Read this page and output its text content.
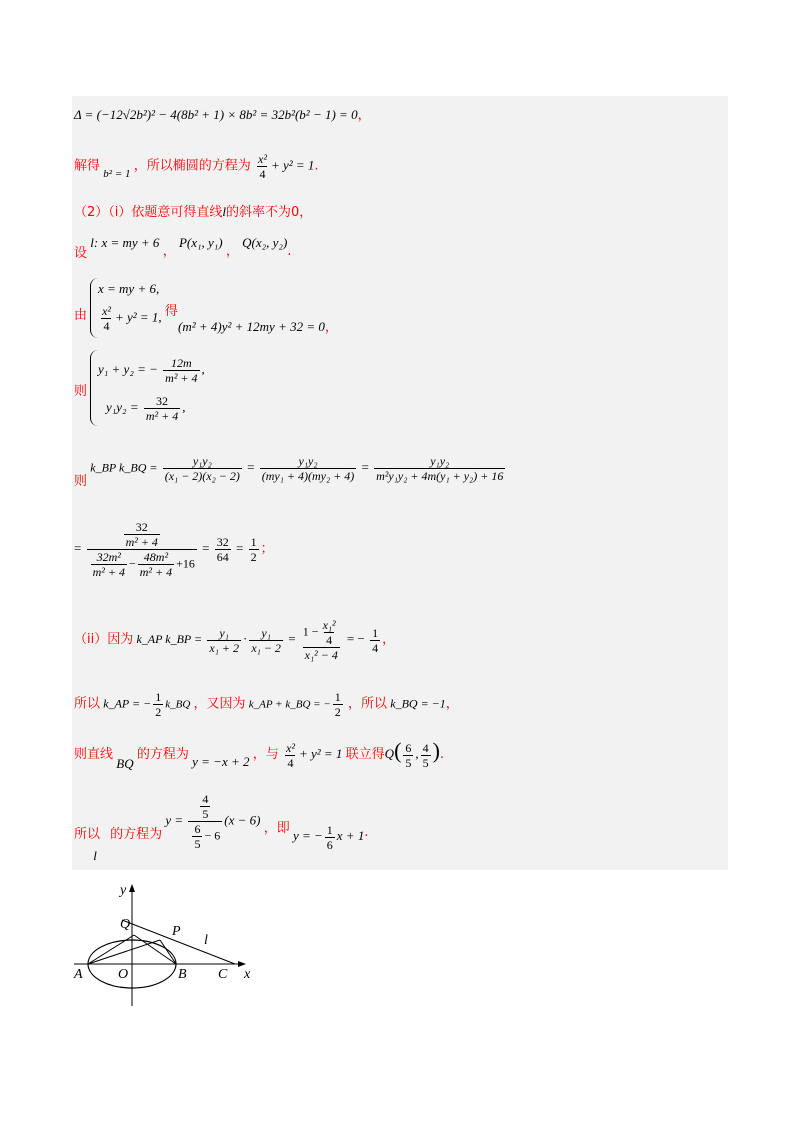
Δ = (−12√2b²)² − 4(8b² + 1) × 8b² = 32b²(b² − 1) = 0，
解得 $_{b^2 = 1}$ ，所以椭圆的方程为 $\frac{\text{x²}}{4} + y^2 = 1$.
（2）（i）依题意可得直线l的斜率不为0，
设 l: x = my + 6 ， P(x₁, y₁) ， Q(x₂, y₂).
由
x = my + 6,
$\frac{\text{x²}}{4} + y^2 = 1$, 得
(m² + 4)y² + 12my + 32 = 0，
则
y₁ + y₂ = − $\frac{12m}{\text{m² + 4}}$ ,
$y_1y_2 = \frac{32}{\text{m² + 4}}$ ,
则 k_BP k_BQ = $\frac{\text{y₁y₂}}{\text{(x₁ − 2)(x₂ − 2)}} = \frac{\text{y₁y₂}}{\text{(my₁ + 4)(my₂ + 4)}} = \frac{\text{y₁y₂}}{\text{m²y₁y₂ + 4m(y₁ + y₂) + 16}}$
= $\frac{\frac{32}{\text{m² + 4}}}{\frac{\text{32m²}}{\text{m² + 4}} - \frac{\text{48m²}}{\text{m² + 4}} +16} = \frac{32}{64} = \frac{1}{2}$ ；
（ii）因为 k_AP k_BP = $\frac{\text{y₁}}{\text{x₁ + 2}} \cdot \frac{\text{y₁}}{\text{x₁ − 2}} = \frac{1 - \frac{\text{x₁²}}{4}}{\text{x₁² − 4}}$ = − $\frac{1}{4}$ ，
所以 k_AP = − $\frac{1}{2}$ k_BQ ，又因为 k_AP + k_BQ = − $\frac{1}{2}$ ，所以 k_BQ = −1，
则直线 BQ 的方程为 y = −x + 2 ，与 $\frac{\text{x²}}{4} + y^2 = 1$ 联立得$Q( \frac{6}{5}$ , $\frac{4}{5}$ ).
所以 l 的方程为 $y = \frac{\frac{4}{5}}{\frac{6}{5} - 6} (x - 6)$ ，即 y = − $\frac{1}{6}$ x + 1.
y
x
A	O	B C
Q	P
l
